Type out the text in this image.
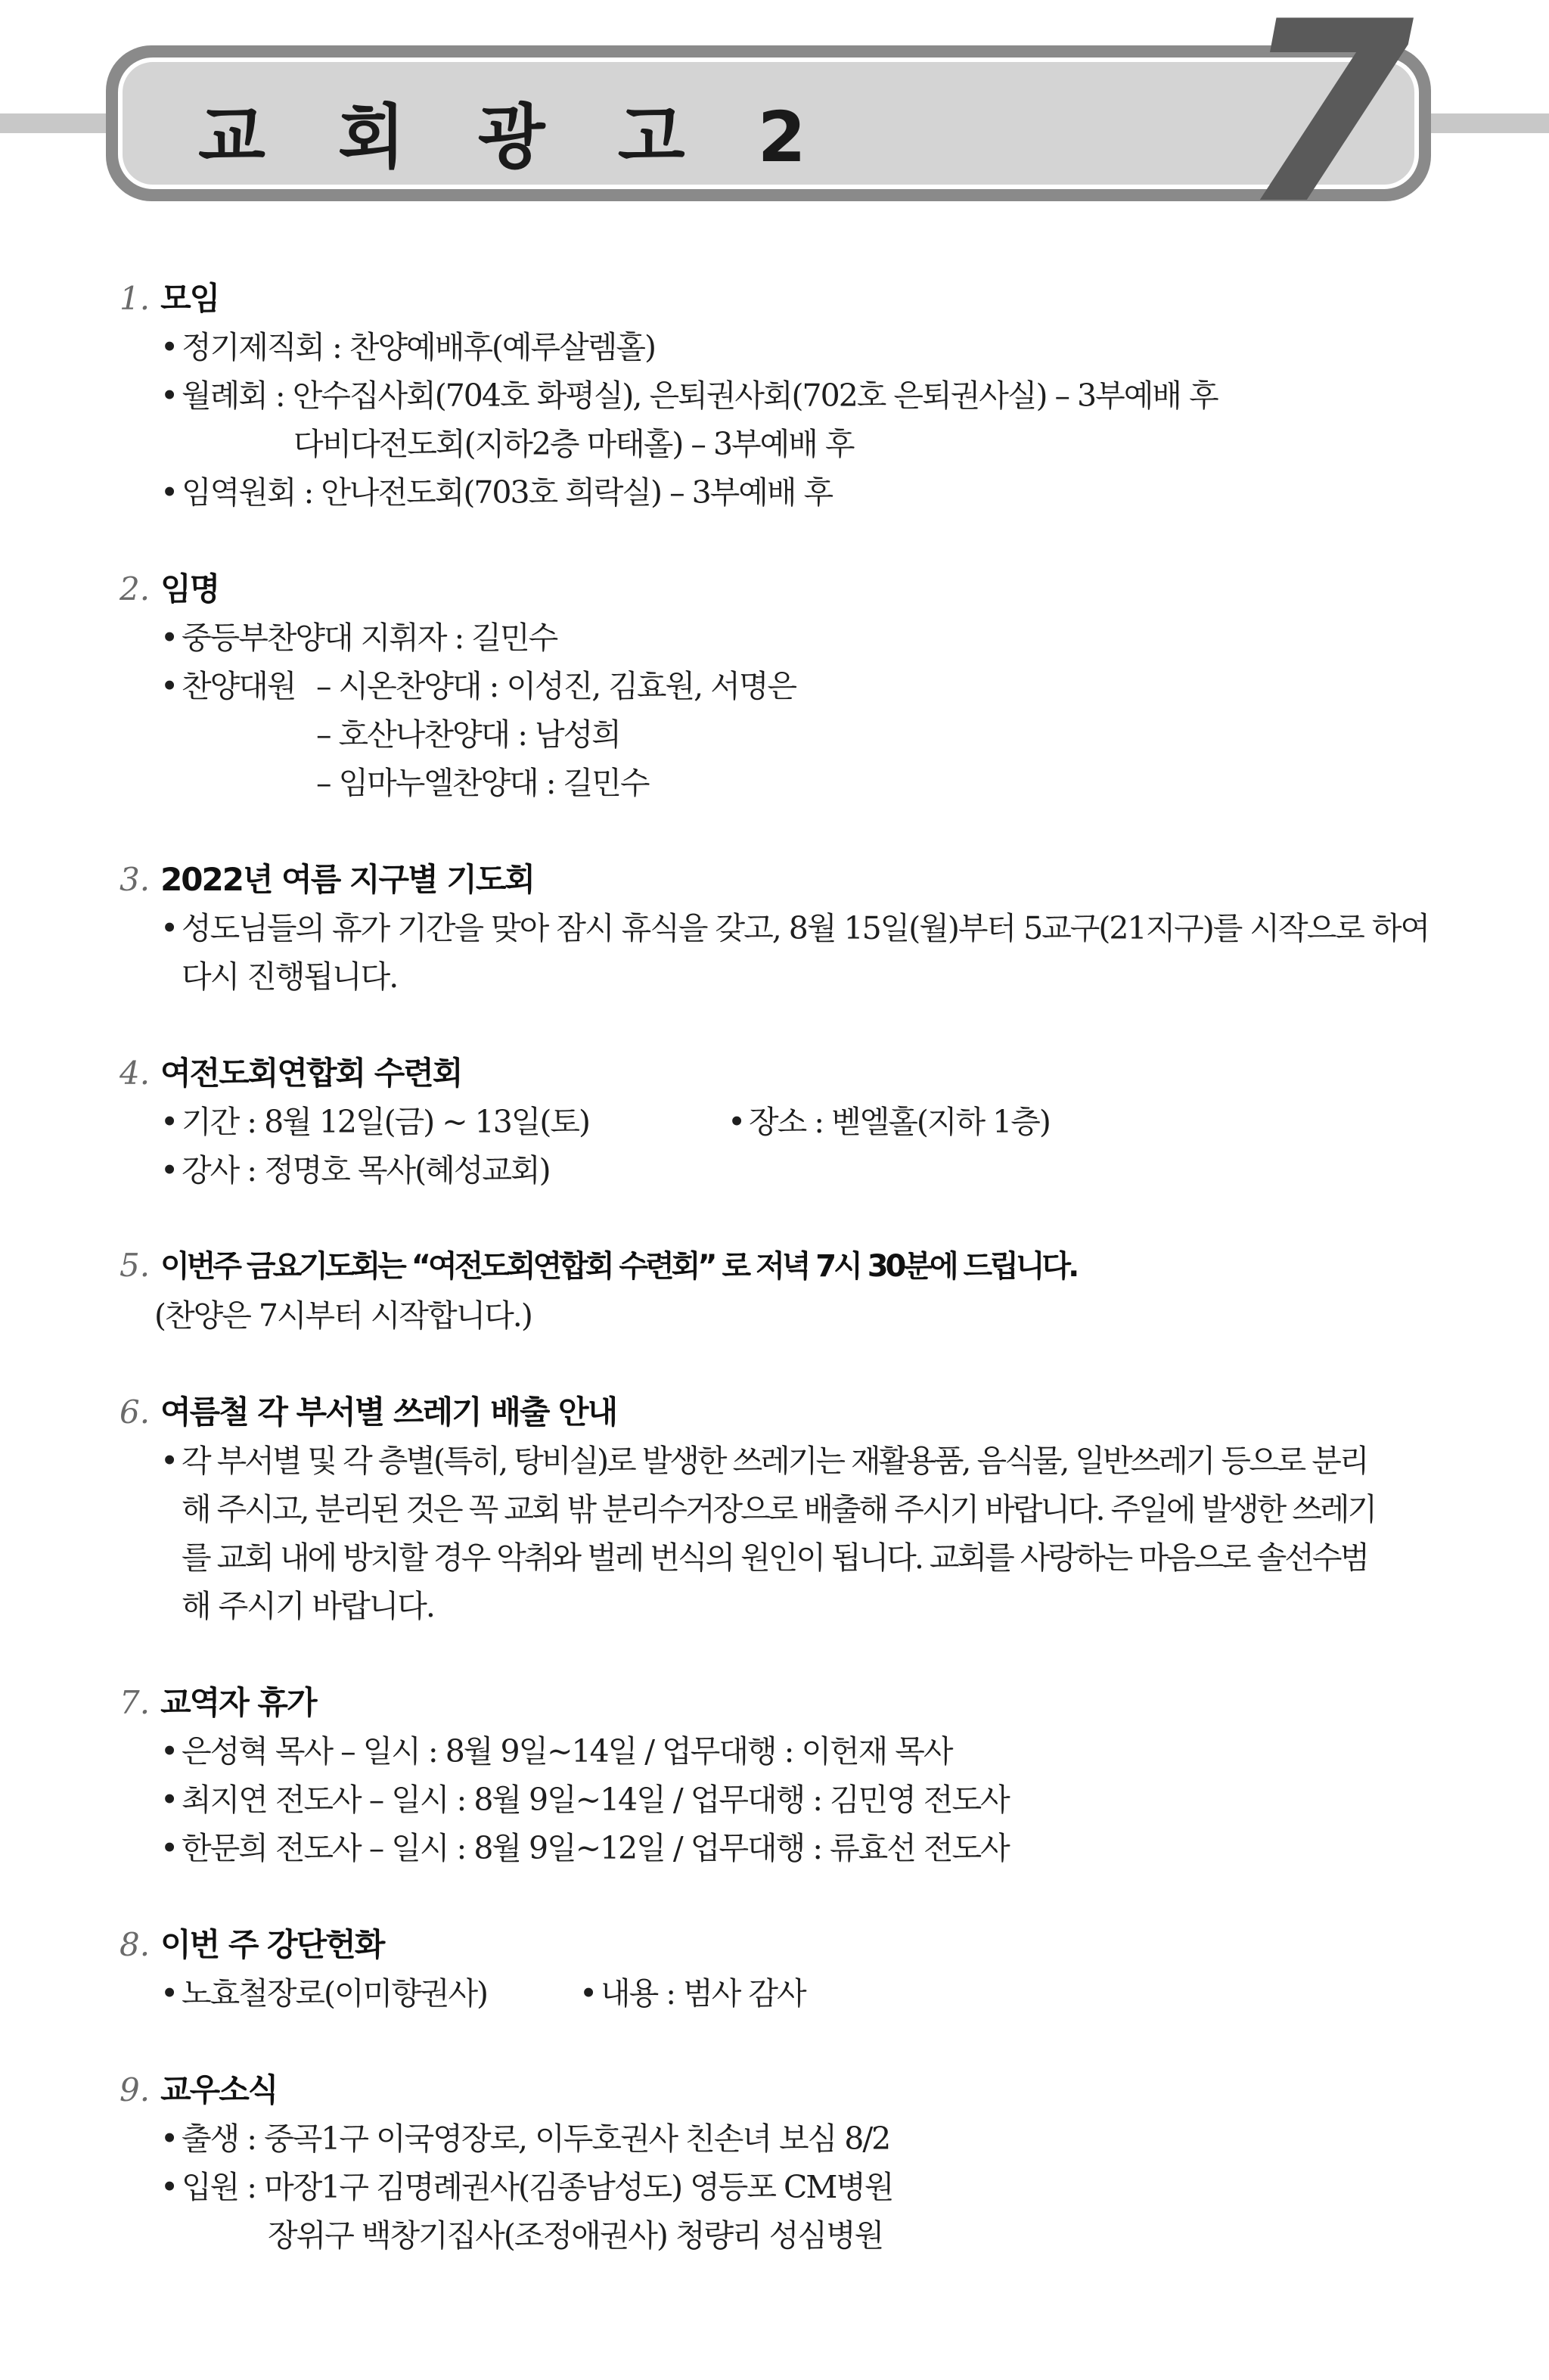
교 회 광 고 2 7
1. 모임
• 정기제직회 : 찬양예배후(예루살렘홀)
• 월례회 : 안수집사회(704호 화평실), 은퇴권사회(702호 은퇴권사실) – 3부예배 후
다비다전도회(지하2층 마태홀) – 3부예배 후
• 임역원회 : 안나전도회(703호 희락실) – 3부예배 후
2. 임명
• 중등부찬양대 지휘자 : 길민수
• 찬양대원 – 시온찬양대 : 이성진, 김효원, 서명은
– 호산나찬양대 : 남성희
– 임마누엘찬양대 : 길민수
3. 2022년 여름 지구별 기도회
• 성도님들의 휴가 기간을 맞아 잠시 휴식을 갖고, 8월 15일(월)부터 5교구(21지구)를 시작으로 하여
다시 진행됩니다.
4. 여전도회연합회 수련회
• 기간 : 8월 12일(금) ~ 13일(토)	• 장소 : 벧엘홀(지하 1층)
• 강사 : 정명호 목사(혜성교회)
5. 이번주 금요기도회는 “여전도회연합회 수련회” 로 저녁 7시 30분에 드립니다.
(찬양은 7시부터 시작합니다.)
6. 여름철 각 부서별 쓰레기 배출 안내
• 각 부서별 및 각 층별(특히, 탕비실)로 발생한 쓰레기는 재활용품, 음식물, 일반쓰레기 등으로 분리
해 주시고, 분리된 것은 꼭 교회 밖 분리수거장으로 배출해 주시기 바랍니다. 주일에 발생한 쓰레기
를 교회 내에 방치할 경우 악취와 벌레 번식의 원인이 됩니다. 교회를 사랑하는 마음으로 솔선수범
해 주시기 바랍니다.
7. 교역자 휴가
• 은성혁 목사 – 일시 : 8월 9일~14일 / 업무대행 : 이헌재 목사
• 최지연 전도사 – 일시 : 8월 9일~14일 / 업무대행 : 김민영 전도사
• 한문희 전도사 – 일시 : 8월 9일~12일 / 업무대행 : 류효선 전도사
8. 이번 주 강단헌화
• 노효철장로(이미향권사)	• 내용 : 범사 감사
9. 교우소식
• 출생 : 중곡1구 이국영장로, 이두호권사 친손녀 보심 8/2
• 입원 : 마장1구 김명례권사(김종남성도) 영등포 CM병원
장위구 백창기집사(조정애권사) 청량리 성심병원
